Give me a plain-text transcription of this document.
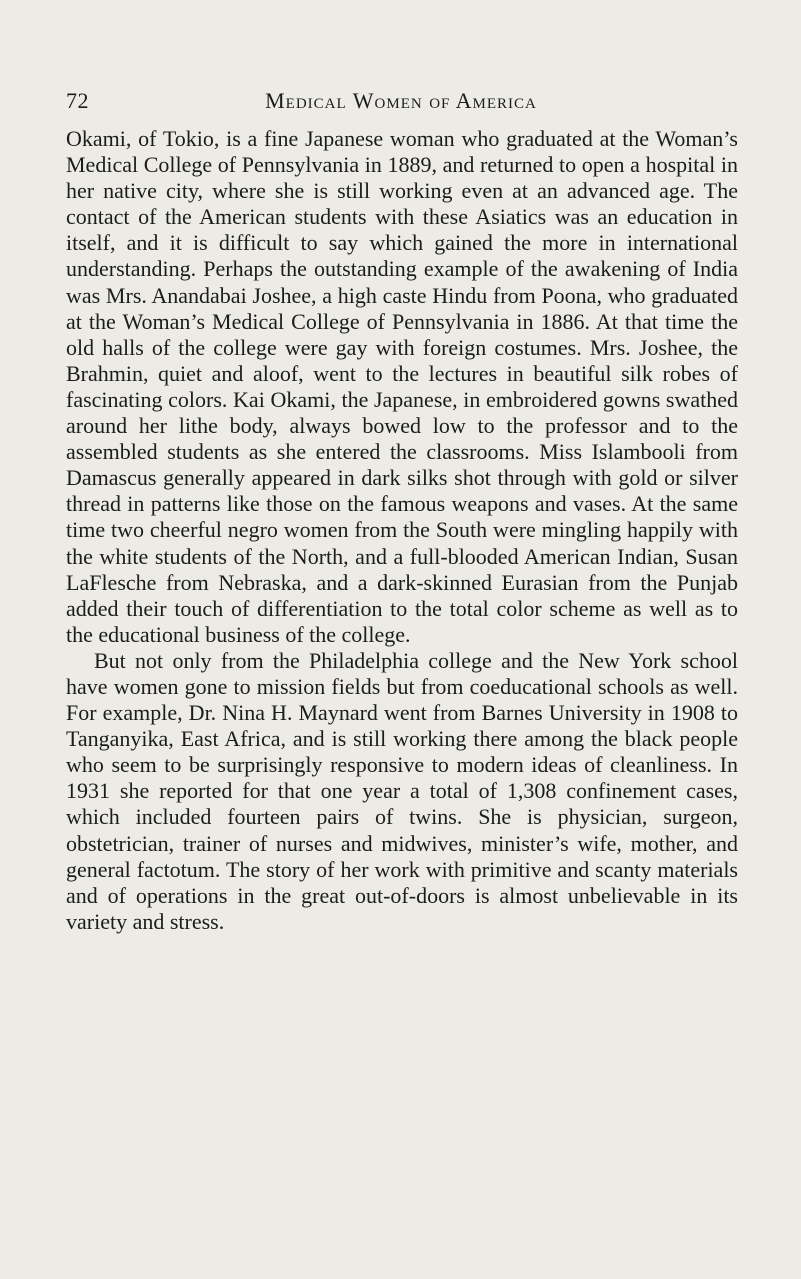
72	Medical Women of America

Okami, of Tokio, is a fine Japanese woman who graduated at the Woman’s Medical College of Pennsylvania in 1889, and returned to open a hospital in her native city, where she is still working even at an advanced age. The contact of the American students with these Asiatics was an education in itself, and it is difficult to say which gained the more in international understanding. Perhaps the outstanding example of the awakening of India was Mrs. Anandabai Joshee, a high caste Hindu from Poona, who graduated at the Woman’s Medical College of Pennsylvania in 1886. At that time the old halls of the college were gay with foreign costumes. Mrs. Joshee, the Brahmin, quiet and aloof, went to the lectures in beautiful silk robes of fascinating colors. Kai Okami, the Japanese, in embroidered gowns swathed around her lithe body, always bowed low to the professor and to the assembled students as she entered the classrooms. Miss Islambooli from Damascus generally appeared in dark silks shot through with gold or silver thread in patterns like those on the famous weapons and vases. At the same time two cheerful negro women from the South were mingling happily with the white students of the North, and a full-blooded American Indian, Susan LaFlesche from Nebraska, and a dark-skinned Eurasian from the Punjab added their touch of differentiation to the total color scheme as well as to the educational business of the college.

But not only from the Philadelphia college and the New York school have women gone to mission fields but from coeducational schools as well. For example, Dr. Nina H. Maynard went from Barnes University in 1908 to Tanganyika, East Africa, and is still working there among the black people who seem to be surprisingly responsive to modern ideas of cleanliness. In 1931 she reported for that one year a total of 1,308 confinement cases, which included fourteen pairs of twins. She is physician, surgeon, obstetrician, trainer of nurses and midwives, minister’s wife, mother, and general factotum. The story of her work with primitive and scanty materials and of operations in the great out-of-doors is almost unbelievable in its variety and stress.
